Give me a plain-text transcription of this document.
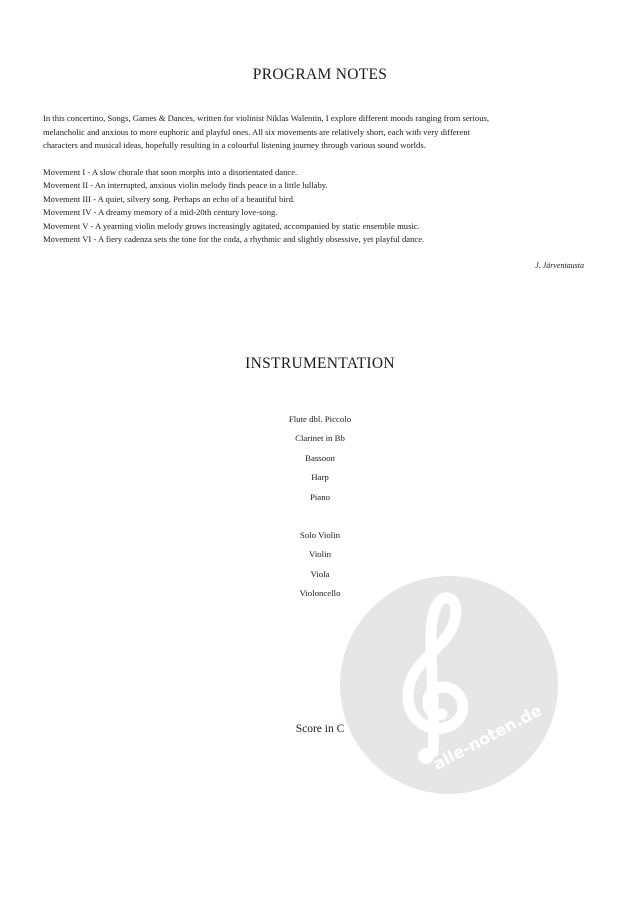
PROGRAM NOTES
In this concertino, Songs, Games & Dances, written for violinist Niklas Walentin, I explore different moods ranging from serious,
melancholic and anxious to more euphoric and playful ones. All six movements are relatively short, each with very different
characters and musical ideas, hopefully resulting in a colourful listening journey through various sound worlds.
Movement I - A slow chorale that soon morphs into a disorientated dance.
Movement II - An interrupted, anxious violin melody finds peace in a little lullaby.
Movement III - A quiet, silvery song. Perhaps an echo of a beautiful bird.
Movement IV - A dreamy memory of a mid-20th century love-song.
Movement V - A yearning violin melody grows increasingly agitated, accompanied by static ensemble music.
Movement VI - A fiery cadenza sets the tone for the coda, a rhythmic and slightly obsessive, yet playful dance.
J. Järventausta
INSTRUMENTATION
Flute dbl. Piccolo
Clarinet in Bb
Bassoon
Harp
Piano
Solo Violin
Violin
Viola
Violoncello
alle-noten.de
Score in C
